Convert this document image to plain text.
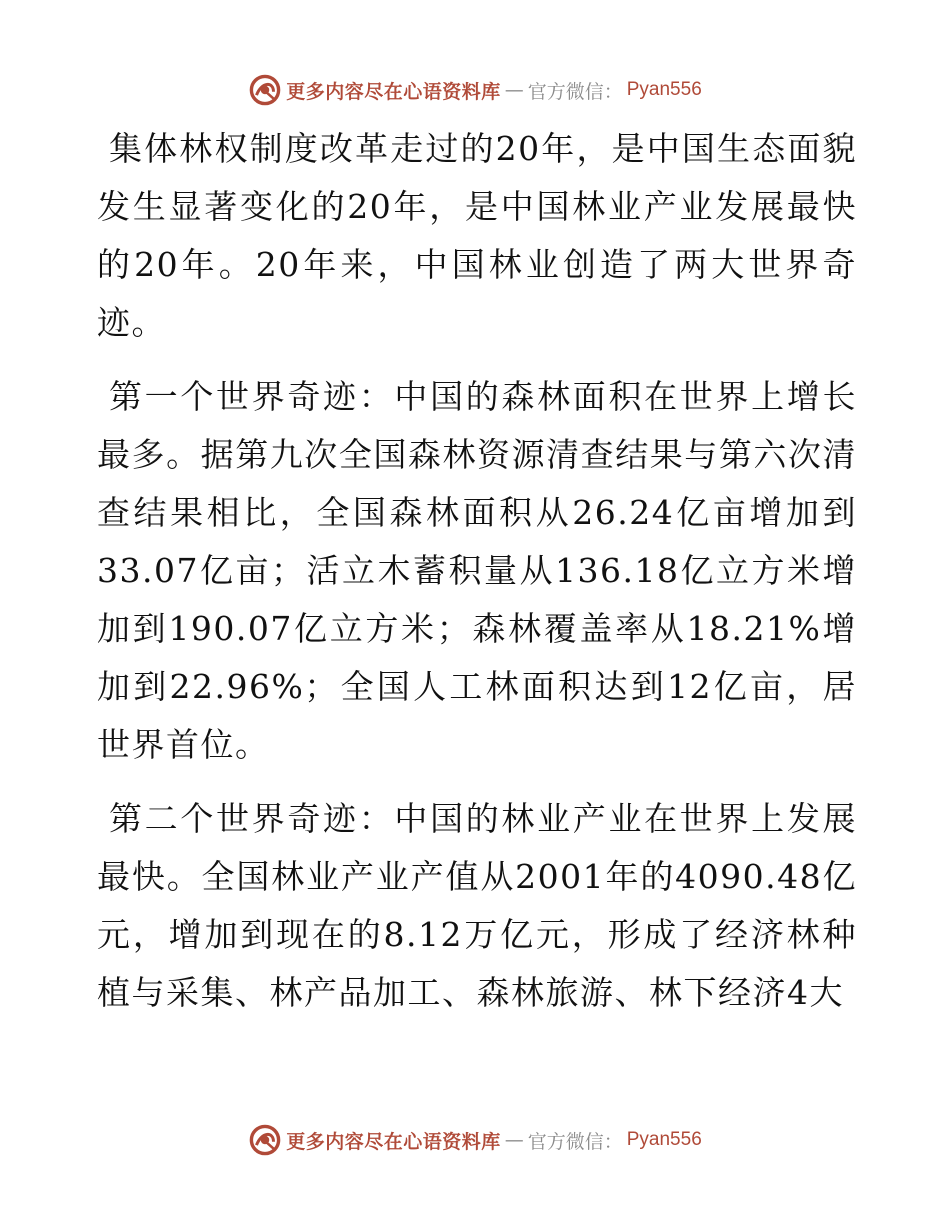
更多内容尽在心语资料库 — 官方微信： Pyan556

集体林权制度改革走过的20年，是中国生态面貌发生显著变化的20年，是中国林业产业发展最快的20年。20年来，中国林业创造了两大世界奇迹。

第一个世界奇迹：中国的森林面积在世界上增长最多。据第九次全国森林资源清查结果与第六次清查结果相比，全国森林面积从26.24亿亩增加到33.07亿亩；活立木蓄积量从136.18亿立方米增加到190.07亿立方米；森林覆盖率从18.21%增加到22.96%；全国人工林面积达到12亿亩，居世界首位。

第二个世界奇迹：中国的林业产业在世界上发展最快。全国林业产业产值从2001年的4090.48亿元，增加到现在的8.12万亿元，形成了经济林种植与采集、林产品加工、森林旅游、林下经济4大

更多内容尽在心语资料库 — 官方微信： Pyan556
